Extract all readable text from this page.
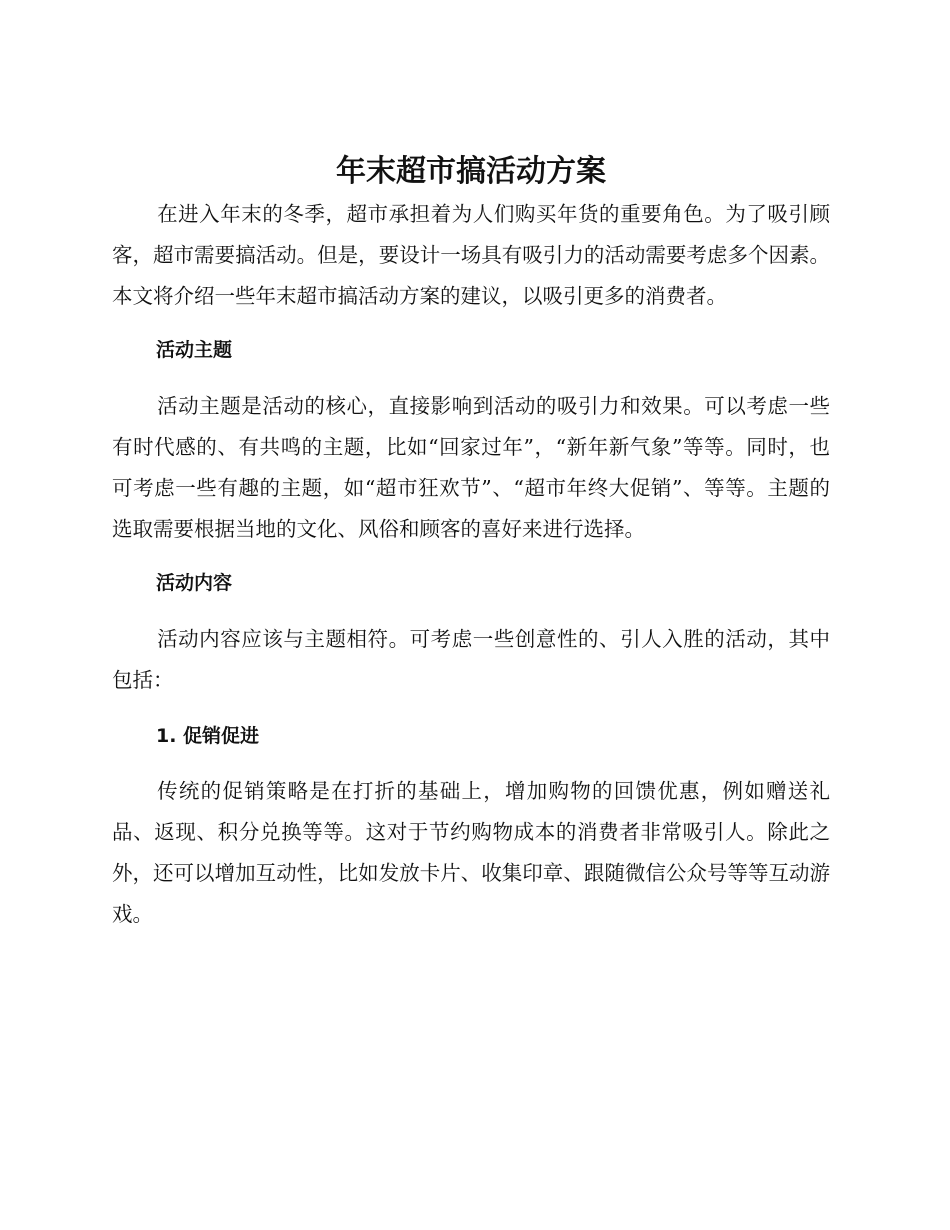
年末超市搞活动方案

在进入年末的冬季，超市承担着为人们购买年货的重要角色。为了吸引顾客，超市需要搞活动。但是，要设计一场具有吸引力的活动需要考虑多个因素。本文将介绍一些年末超市搞活动方案的建议，以吸引更多的消费者。

活动主题

活动主题是活动的核心，直接影响到活动的吸引力和效果。可以考虑一些有时代感的、有共鸣的主题，比如“回家过年”，“新年新气象”等等。同时，也可考虑一些有趣的主题，如“超市狂欢节”、“超市年终大促销”、等等。主题的选取需要根据当地的文化、风俗和顾客的喜好来进行选择。

活动内容

活动内容应该与主题相符。可考虑一些创意性的、引人入胜的活动，其中包括：

1. 促销促进

传统的促销策略是在打折的基础上，增加购物的回馈优惠，例如赠送礼品、返现、积分兑换等等。这对于节约购物成本的消费者非常吸引人。除此之外，还可以增加互动性，比如发放卡片、收集印章、跟随微信公众号等等互动游戏。
